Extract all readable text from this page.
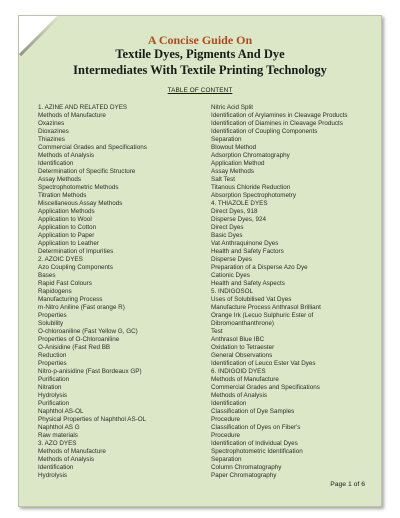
A Concise Guide On
Textile Dyes, Pigments And Dye
Intermediates With Textile Printing Technology
TABLE OF CONTENT
1. AZINE AND RELATED DYES
Methods of Manufacture
Oxazines
Dioxazines
Thiazines
Commercial Grades and Specifications
Methods of Analysis
Identification
Determination of Specific Structure
Assay Methods
Spectrophotometric Methods
Titration Methods
Miscellaneous Assay Methods
Application Methods
Application to Wool
Application to Cotton
Application to Paper
Application to Leather
Determination of Impurities
2. AZOIC DYES
Azo Coupling Components
Bases
Rapid Fast Colours
Rapidogens
Manufacturing Process
m-Nitro Aniline (Fast orange R)
Properties
Solubility
O-chloroaniline (Fast Yellow G, GC)
Properties of O-Chloroaniline
O-Anisidine (Fast Red BB
Reduction
Properties
Nitro-p-anisidine (Fast Bordeaux GP)
Purification
Nitration
Hydrolysis
Purification
Naphthol AS-OL
Physical Properties of Naphthol AS-OL
Naphthol AS G
Raw materials
3. AZO DYES
Methods of Manufacture
Methods of Analysis
Identification
Hydrolysis
Nitric Acid Split
Identification of Arylamines in Cleavage Products
Identification of Diamines in Cleavage Products
Identification of Coupling Components
Separation
Blowout Method
Adsorption Chromatography
Application Method
Assay Methods
Salt Test
Titanous Chloride Reduction
Absorption Spectrophotometry
4. THIAZOLE DYES
Direct Dyes, 918
Disperse Dyes, 924
Direct Dyes
Basic Dyes
Vat Anthraquinone Dyes
Health and Safety Factors
Disperse Dyes
Preparation of a Disperse Azo Dye
Cationic Dyes
Health and Safety Aspects
5. INDIGOSOL
Uses of Solubilised Vat Dyes
Manufacture Process Anthrasol Brilliant
Orange Irk (Lecuo Sulphuric Ester of
Dibromoanthanthrone)
Test
Anthrasol Blue IBC
Oxidation to Tetraester
General Observations
Identification of Leuco Ester Vat Dyes
6. INDIGOID DYES
Methods of Manufacture
Commercial Grades and Specifications
Methods of Analysis
Identification
Classification of Dye Samples
Procedure
Classification of Dyes on Fiber's
Procedure
Identification of Individual Dyes
Spectrophotometric Identification
Separation
Column Chromatography
Paper Chromatography
Page 1 of 6
